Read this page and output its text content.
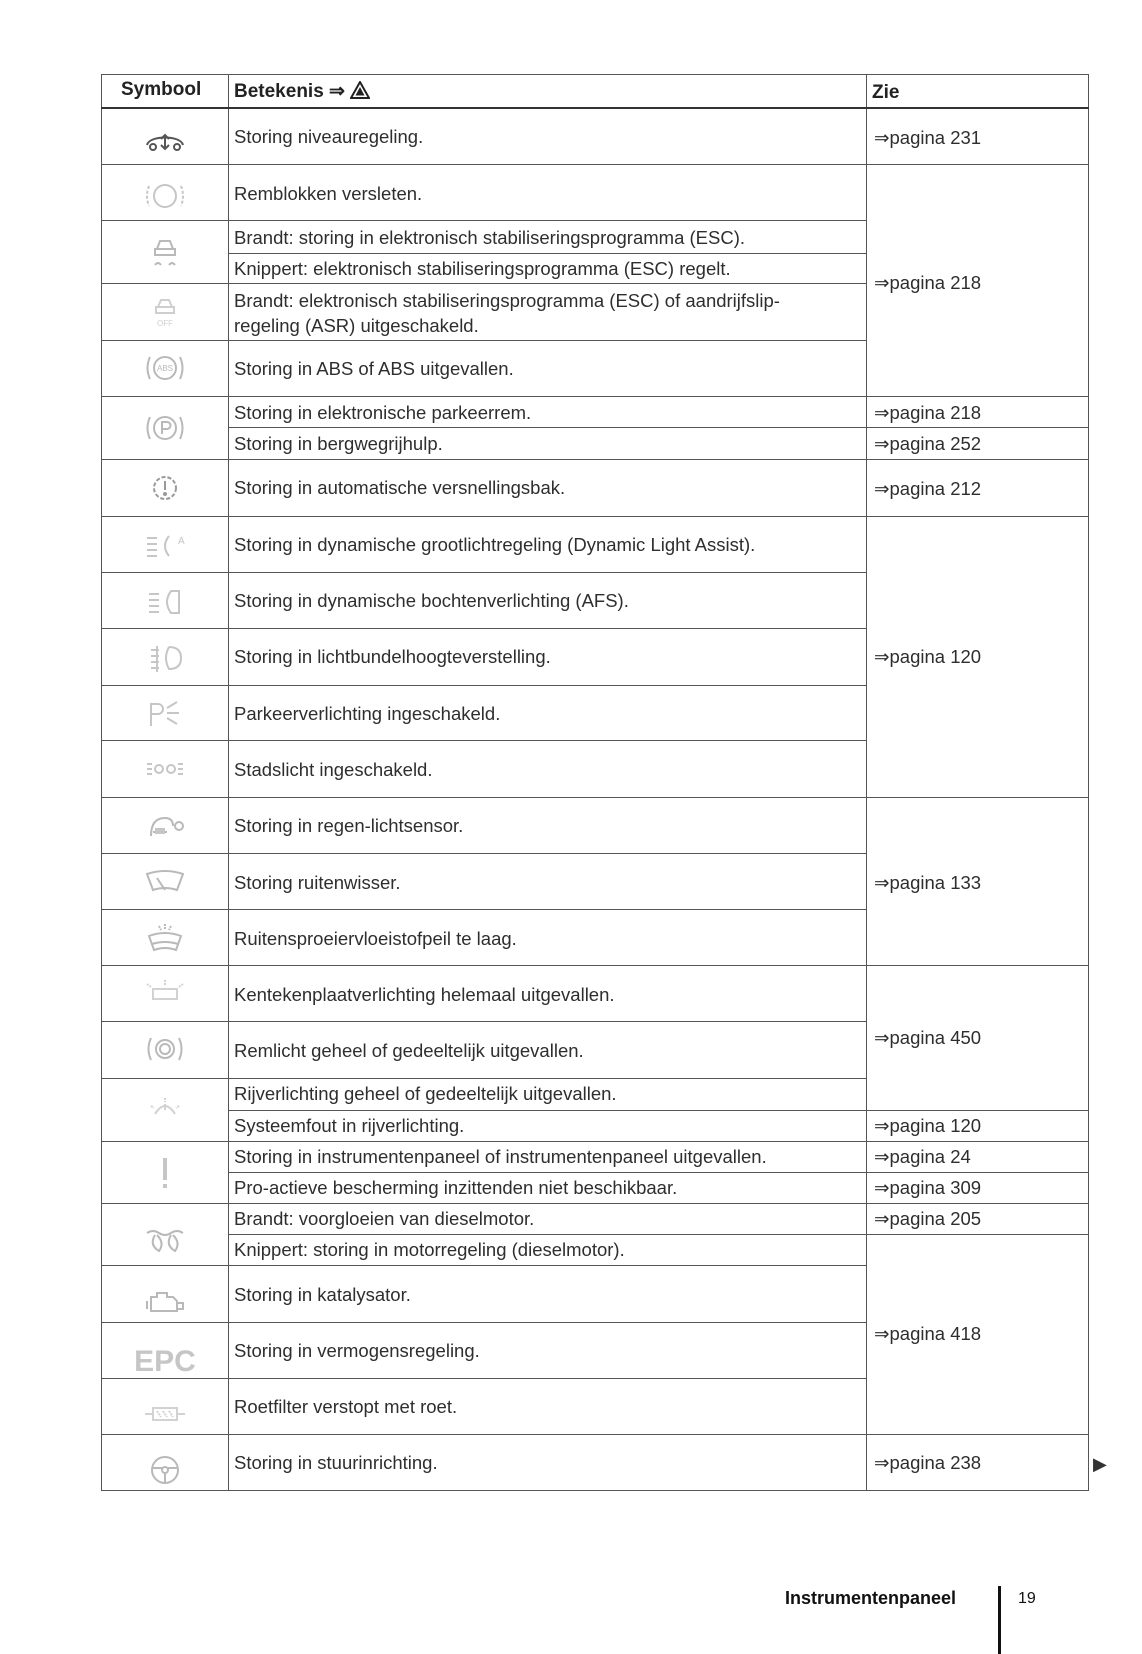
Symbool Betekenis ⇒	Zie
Storing niveauregeling.
Remblokken versleten.
Brandt: storing in elektronisch stabiliseringsprogramma (ESC).
Knippert: elektronisch stabiliseringsprogramma (ESC) regelt.
Brandt: elektronisch stabiliseringsprogramma (ESC) of aandrijfslip-
regeling (ASR) uitgeschakeld.
Storing in ABS of ABS uitgevallen.
Storing in elektronische parkeerrem.
Storing in bergwegrijhulp.
Storing in automatische versnellingsbak.
Storing in dynamische grootlichtregeling (Dynamic Light Assist).
Storing in dynamische bochtenverlichting (AFS).
Storing in lichtbundelhoogteverstelling.
Parkeerverlichting ingeschakeld.
Stadslicht ingeschakeld.
Storing in regen-lichtsensor.
Storing ruitenwisser.
Ruitensproeiervloeistofpeil te laag.
Kentekenplaatverlichting helemaal uitgevallen.
Remlicht geheel of gedeeltelijk uitgevallen.
Rijverlichting geheel of gedeeltelijk uitgevallen.
Systeemfout in rijverlichting.
Storing in instrumentenpaneel of instrumentenpaneel uitgevallen.
Pro-actieve bescherming inzittenden niet beschikbaar.
Brandt: voorgloeien van dieselmotor.
Knippert: storing in motorregeling (dieselmotor).
Storing in katalysator.
Storing in vermogensregeling.
Roetfilter verstopt met roet.
Storing in stuurinrichting.
⇒pagina 231
⇒pagina 218
⇒pagina 218
⇒pagina 252
⇒pagina 212
⇒pagina 120
⇒pagina 133
⇒pagina 450
⇒pagina 120
⇒pagina 24
⇒pagina 309
⇒pagina 205
⇒pagina 418
⇒pagina 238
OFF
ABS
A
EPC
▶
Instrumentenpaneel	19
